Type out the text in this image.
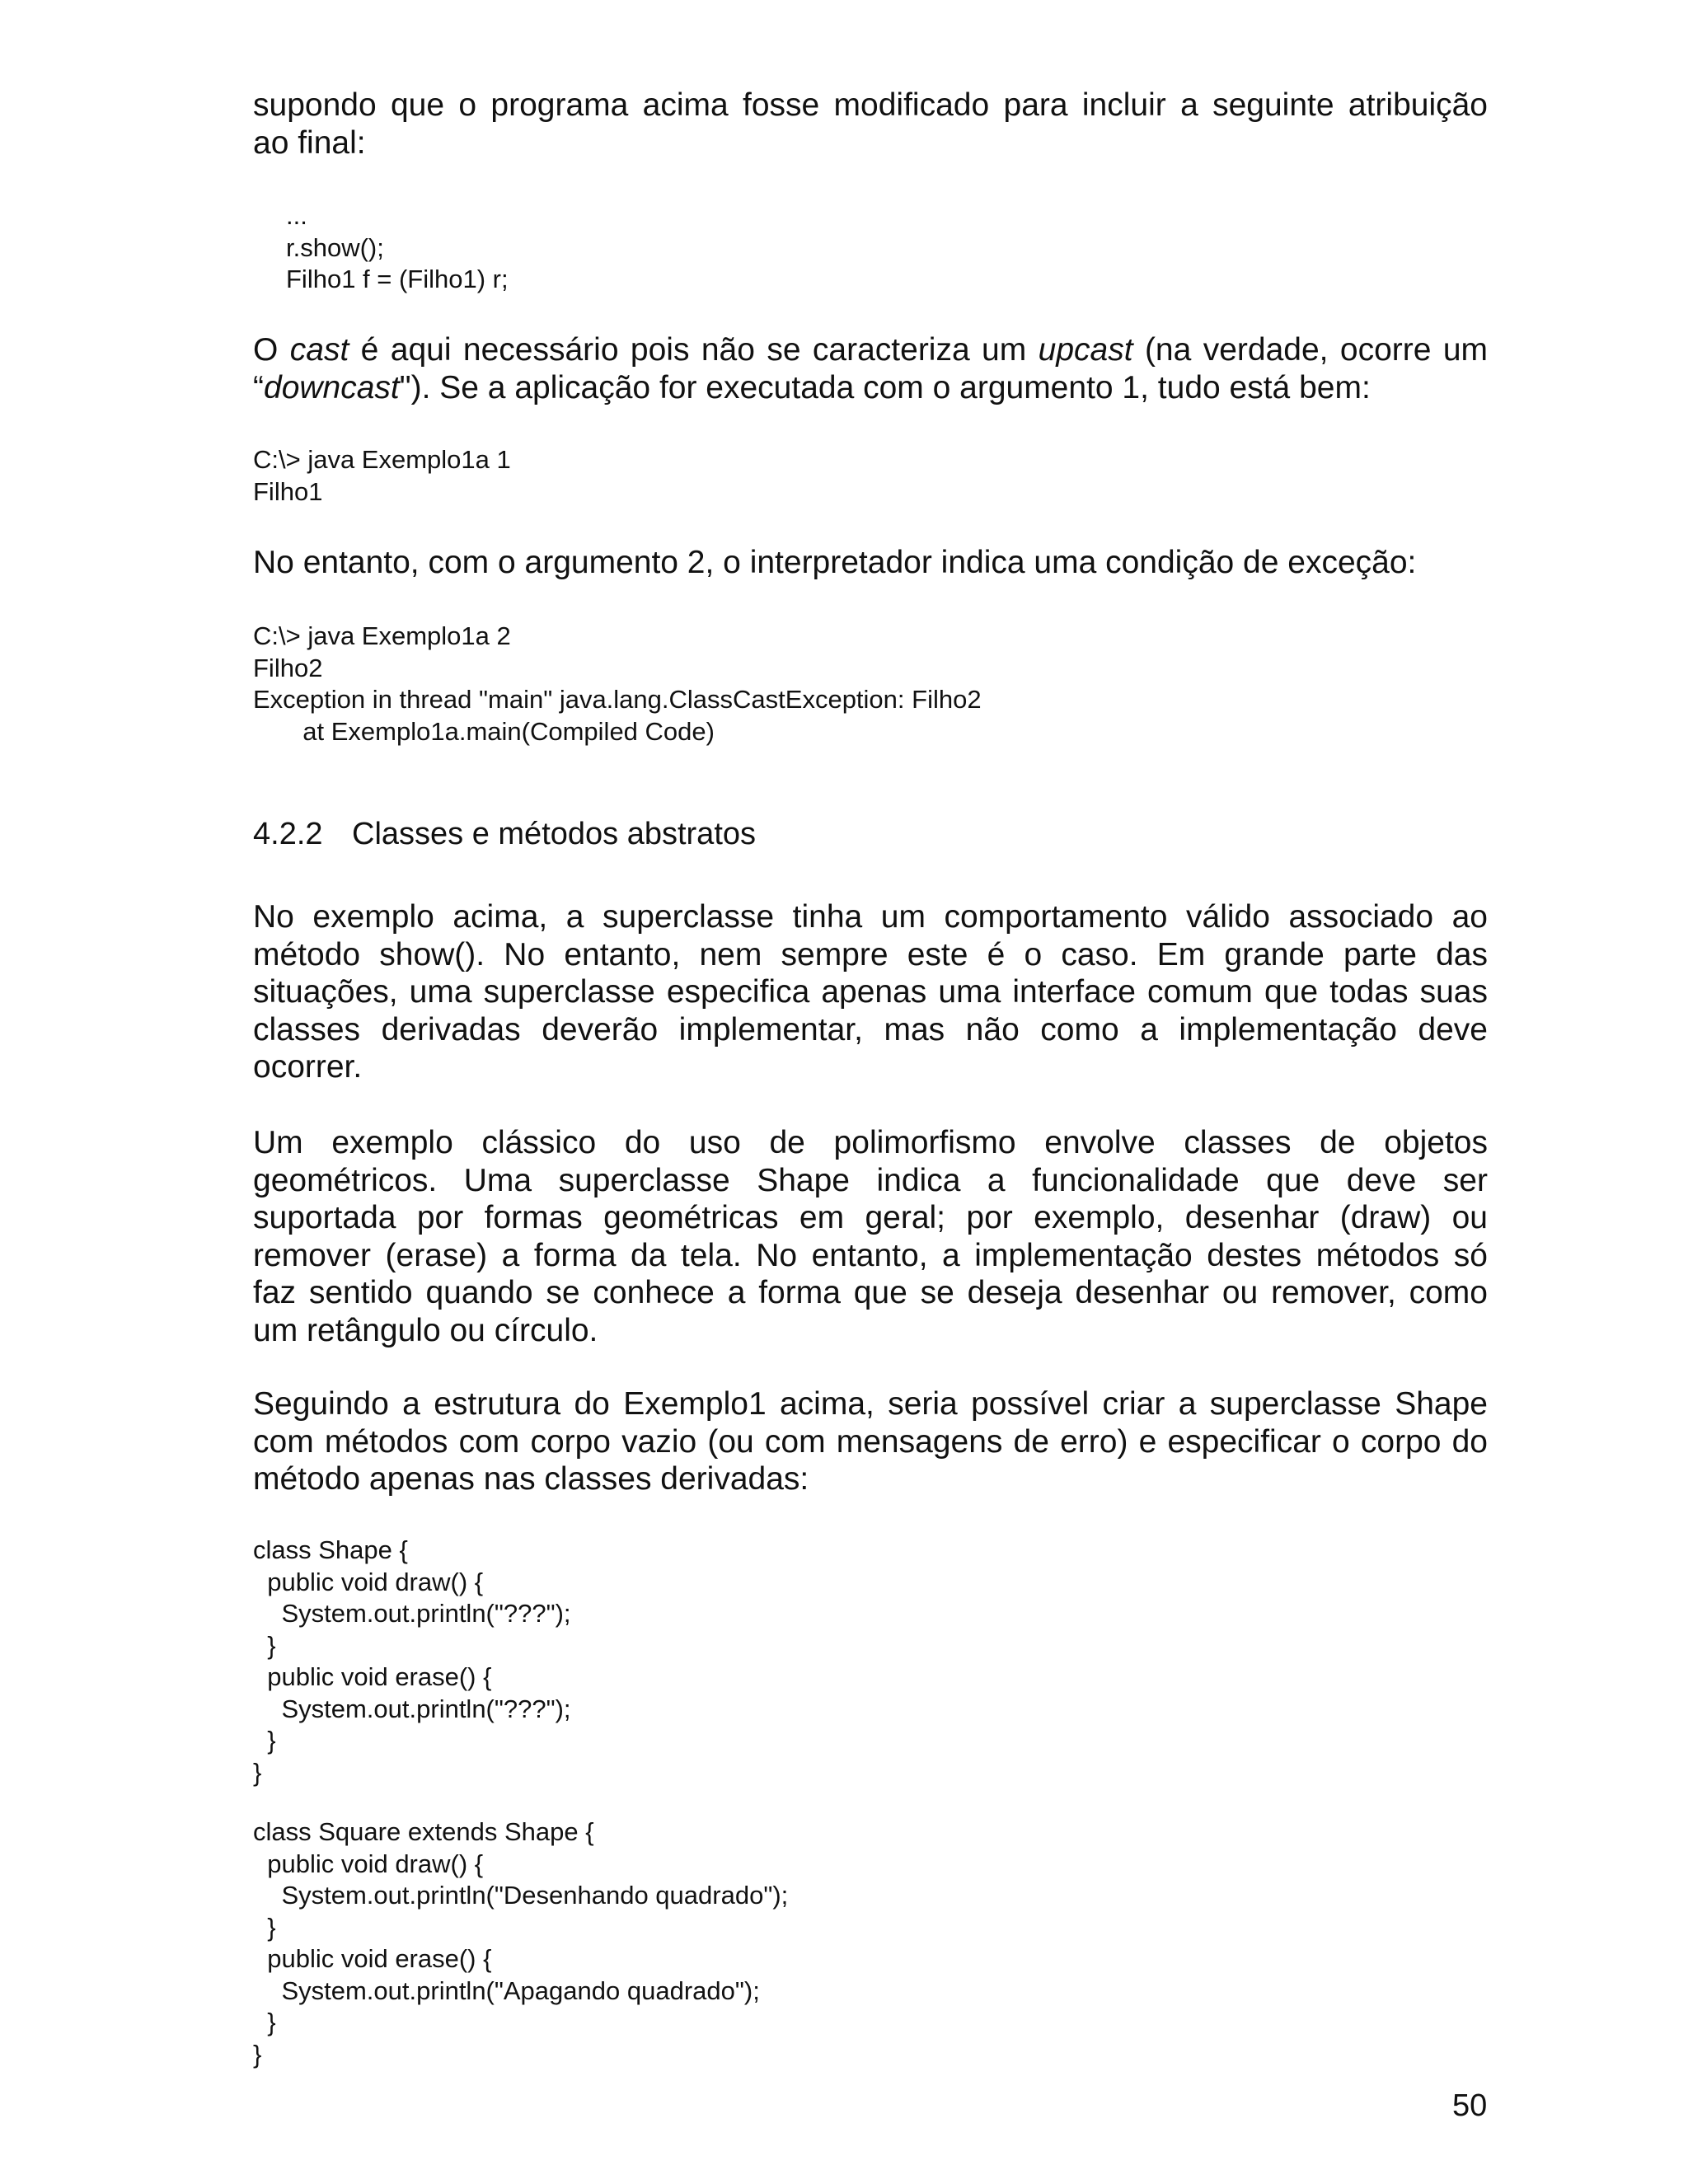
supondo que o programa acima fosse modificado para incluir a seguinte atribuição
ao final:
...
r.show();
Filho1 f = (Filho1) r;
O cast é aqui necessário pois não se caracteriza um upcast (na verdade, ocorre um
“downcast"). Se a aplicação for executada com o argumento 1, tudo está bem:
C:\> java Exemplo1a 1
Filho1
No entanto, com o argumento 2, o interpretador indica uma condição de exceção:
C:\> java Exemplo1a 2
Filho2
Exception in thread "main" java.lang.ClassCastException: Filho2
at Exemplo1a.main(Compiled Code)
4.2.2 Classes e métodos abstratos
No exemplo acima, a superclasse tinha um comportamento válido associado ao
método show(). No entanto, nem sempre este é o caso. Em grande parte das
situações, uma superclasse especifica apenas uma interface comum que todas suas
classes derivadas deverão implementar, mas não como a implementação deve
ocorrer.
Um exemplo clássico do uso de polimorfismo envolve classes de objetos
geométricos. Uma superclasse Shape indica a funcionalidade que deve ser
suportada por formas geométricas em geral; por exemplo, desenhar (draw) ou
remover (erase) a forma da tela. No entanto, a implementação destes métodos só
faz sentido quando se conhece a forma que se deseja desenhar ou remover, como
um retângulo ou círculo.
Seguindo a estrutura do Exemplo1 acima, seria possível criar a superclasse Shape
com métodos com corpo vazio (ou com mensagens de erro) e especificar o corpo do
método apenas nas classes derivadas:
class Shape {
public void draw() {
System.out.println("???");
}
public void erase() {
System.out.println("???");
}
}
class Square extends Shape {
public void draw() {
System.out.println("Desenhando quadrado");
}
public void erase() {
System.out.println("Apagando quadrado");
}
}
50
